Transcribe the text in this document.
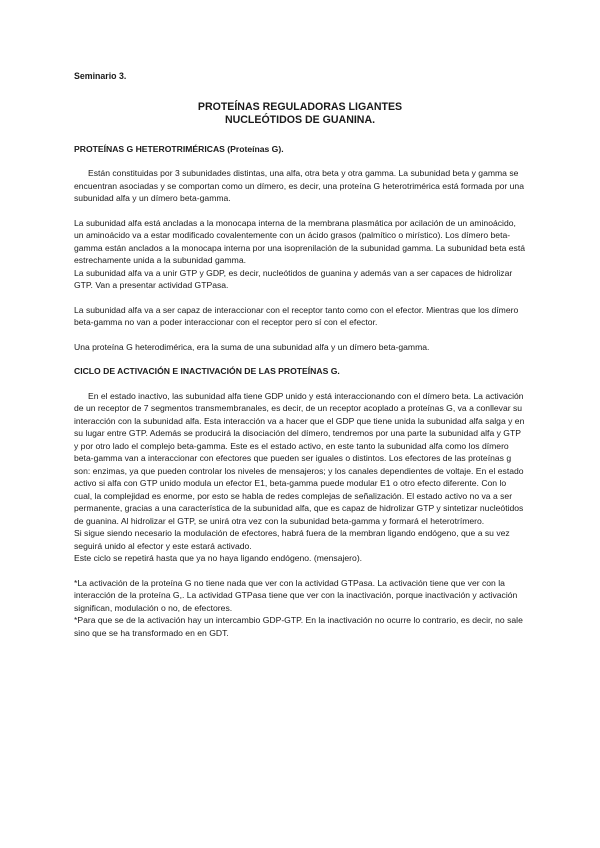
Seminario 3.
PROTEÍNAS REGULADORAS LIGANTES
NUCLEÓTIDOS DE GUANINA.
PROTEÍNAS G HETEROTRIMÉRICAS (Proteínas G).

Están constituidas por 3 subunidades distintas, una alfa, otra beta y otra gamma. La subunidad beta y gamma se encuentran asociadas y se comportan como un dímero, es decir, una proteína G heterotrimérica está formada por una subunidad alfa y un dímero beta-gamma.

La subunidad alfa está ancladas a la monocapa interna de la membrana plasmática por acilación de un aminoácido, un aminoácido va a estar modificado covalentemente con un ácido grasos (palmítico o mirístico). Los dímero beta-gamma están anclados a la monocapa interna por una isoprenilación de la subunidad gamma. La subunidad beta está estrechamente unida a la subunidad gamma.

La subunidad alfa va a unir GTP y GDP, es decir, nucleótidos de guanina y además van a ser capaces de hidrolizar GTP. Van a presentar actividad GTPasa.

La subunidad alfa va a ser capaz de interaccionar con el receptor tanto como con el efector. Mientras que los dímero beta-gamma no van a poder interaccionar con el receptor pero sí con el efector.

Una proteína G heterodimérica, era la suma de una subunidad alfa y un dímero beta-gamma.

CICLO DE ACTIVACIÓN E INACTIVACIÓN DE LAS PROTEÍNAS G.

En el estado inactivo, las subunidad alfa tiene GDP unido y está interaccionando con el dímero beta. La activación de un receptor de 7 segmentos transmembranales, es decir, de un receptor acoplado a proteínas G, va a conllevar su interacción con la subunidad alfa. Esta interacción va a hacer que el GDP que tiene unida la subunidad alfa salga y en su lugar entre GTP. Además se producirá la disociación del dímero, tendremos por una parte la subunidad alfa y GTP y por otro lado el complejo beta-gamma. Este es el estado activo, en este tanto la subunidad alfa como los dímero beta-gamma van a interaccionar con efectores que pueden ser iguales o distintos. Los efectores de las proteínas g son: enzimas, ya que pueden controlar los niveles de mensajeros; y los canales dependientes de voltaje. En el estado activo si alfa con GTP unido modula un efector E1, beta-gamma puede modular E1 o otro efecto diferente. Con lo cual, la complejidad es enorme, por esto se habla de redes complejas de señalización. El estado activo no va a ser permanente, gracias a una característica de la subunidad alfa, que es capaz de hidrolizar GTP y sintetizar nucleótidos de guanina. Al hidrolizar el GTP, se unirá otra vez con la subunidad beta-gamma y formará el heterotrímero.

Si sigue siendo necesario la modulación de efectores, habrá fuera de la membran ligando endógeno, que a su vez seguirá unido al efector y este estará activado.

Este ciclo se repetirá hasta que ya no haya ligando endógeno. (mensajero).

*La activación de la proteína G no tiene nada que ver con la actividad GTPasa. La activación tiene que ver con la interacción de la proteína G,. La actividad GTPasa tiene que ver con la inactivación, porque inactivación y activación significan, modulación o no, de efectores.

*Para que se de la activación hay un intercambio GDP-GTP. En la inactivación no ocurre lo contrario, es decir, no sale sino que se ha transformado en en GDT.
